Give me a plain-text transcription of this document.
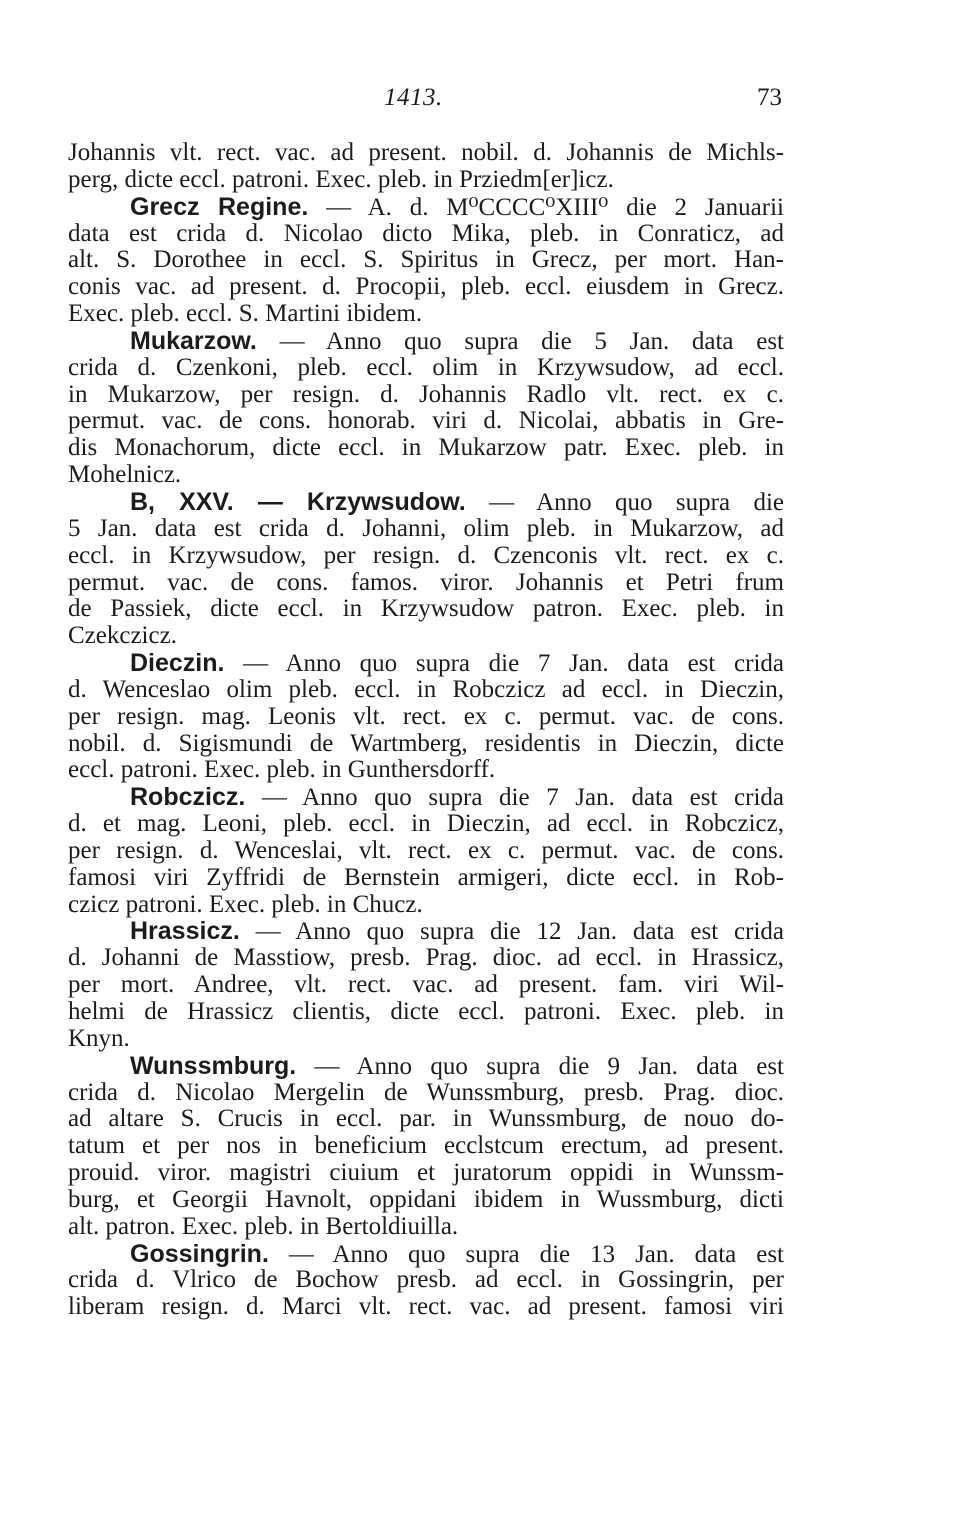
1413.	73
Johannis vlt. rect. vac. ad present. nobil. d. Johannis de Michls-
perg, dicte eccl. patroni. Exec. pleb. in Prziedm[er]icz.
Grecz Regine. — A. d. M⁰CCCC⁰XIII⁰ die 2 Januarii
data est crida d. Nicolao dicto Mika, pleb. in Conraticz, ad
alt. S. Dorothee in eccl. S. Spiritus in Grecz, per mort. Han-
conis vac. ad present. d. Procopii, pleb. eccl. eiusdem in Grecz.
Exec. pleb. eccl. S. Martini ibidem.
Mukarzow. — Anno quo supra die 5 Jan. data est
crida d. Czenkoni, pleb. eccl. olim in Krzywsudow, ad eccl.
in Mukarzow, per resign. d. Johannis Radlo vlt. rect. ex c.
permut. vac. de cons. honorab. viri d. Nicolai, abbatis in Gre-
dis Monachorum, dicte eccl. in Mukarzow patr. Exec. pleb. in
Mohelnicz.
B, XXV. — Krzywsudow. — Anno quo supra die
5 Jan. data est crida d. Johanni, olim pleb. in Mukarzow, ad
eccl. in Krzywsudow, per resign. d. Czenconis vlt. rect. ex c.
permut. vac. de cons. famos. viror. Johannis et Petri frum
de Passiek, dicte eccl. in Krzywsudow patron. Exec. pleb. in
Czekczicz.
Dieczin. — Anno quo supra die 7 Jan. data est crida
d. Wenceslao olim pleb. eccl. in Robczicz ad eccl. in Dieczin,
per resign. mag. Leonis vlt. rect. ex c. permut. vac. de cons.
nobil. d. Sigismundi de Wartmberg, residentis in Dieczin, dicte
eccl. patroni. Exec. pleb. in Gunthersdorff.
Robczicz. — Anno quo supra die 7 Jan. data est crida
d. et mag. Leoni, pleb. eccl. in Dieczin, ad eccl. in Robczicz,
per resign. d. Wenceslai, vlt. rect. ex c. permut. vac. de cons.
famosi viri Zyffridi de Bernstein armigeri, dicte eccl. in Rob-
czicz patroni. Exec. pleb. in Chucz.
Hrassicz. — Anno quo supra die 12 Jan. data est crida
d. Johanni de Masstiow, presb. Prag. dioc. ad eccl. in Hrassicz,
per mort. Andree, vlt. rect. vac. ad present. fam. viri Wil-
helmi de Hrassicz clientis, dicte eccl. patroni. Exec. pleb. in
Knyn.
Wunssmburg. — Anno quo supra die 9 Jan. data est
crida d. Nicolao Mergelin de Wunssmburg, presb. Prag. dioc.
ad altare S. Crucis in eccl. par. in Wunssmburg, de nouo do-
tatum et per nos in beneficium ecclstcum erectum, ad present.
prouid. viror. magistri ciuium et juratorum oppidi in Wunssm-
burg, et Georgii Havnolt, oppidani ibidem in Wussmburg, dicti
alt. patron. Exec. pleb. in Bertoldiuilla.
Gossingrin. — Anno quo supra die 13 Jan. data est
crida d. Vlrico de Bochow presb. ad eccl. in Gossingrin, per
liberam resign. d. Marci vlt. rect. vac. ad present. famosi viri
